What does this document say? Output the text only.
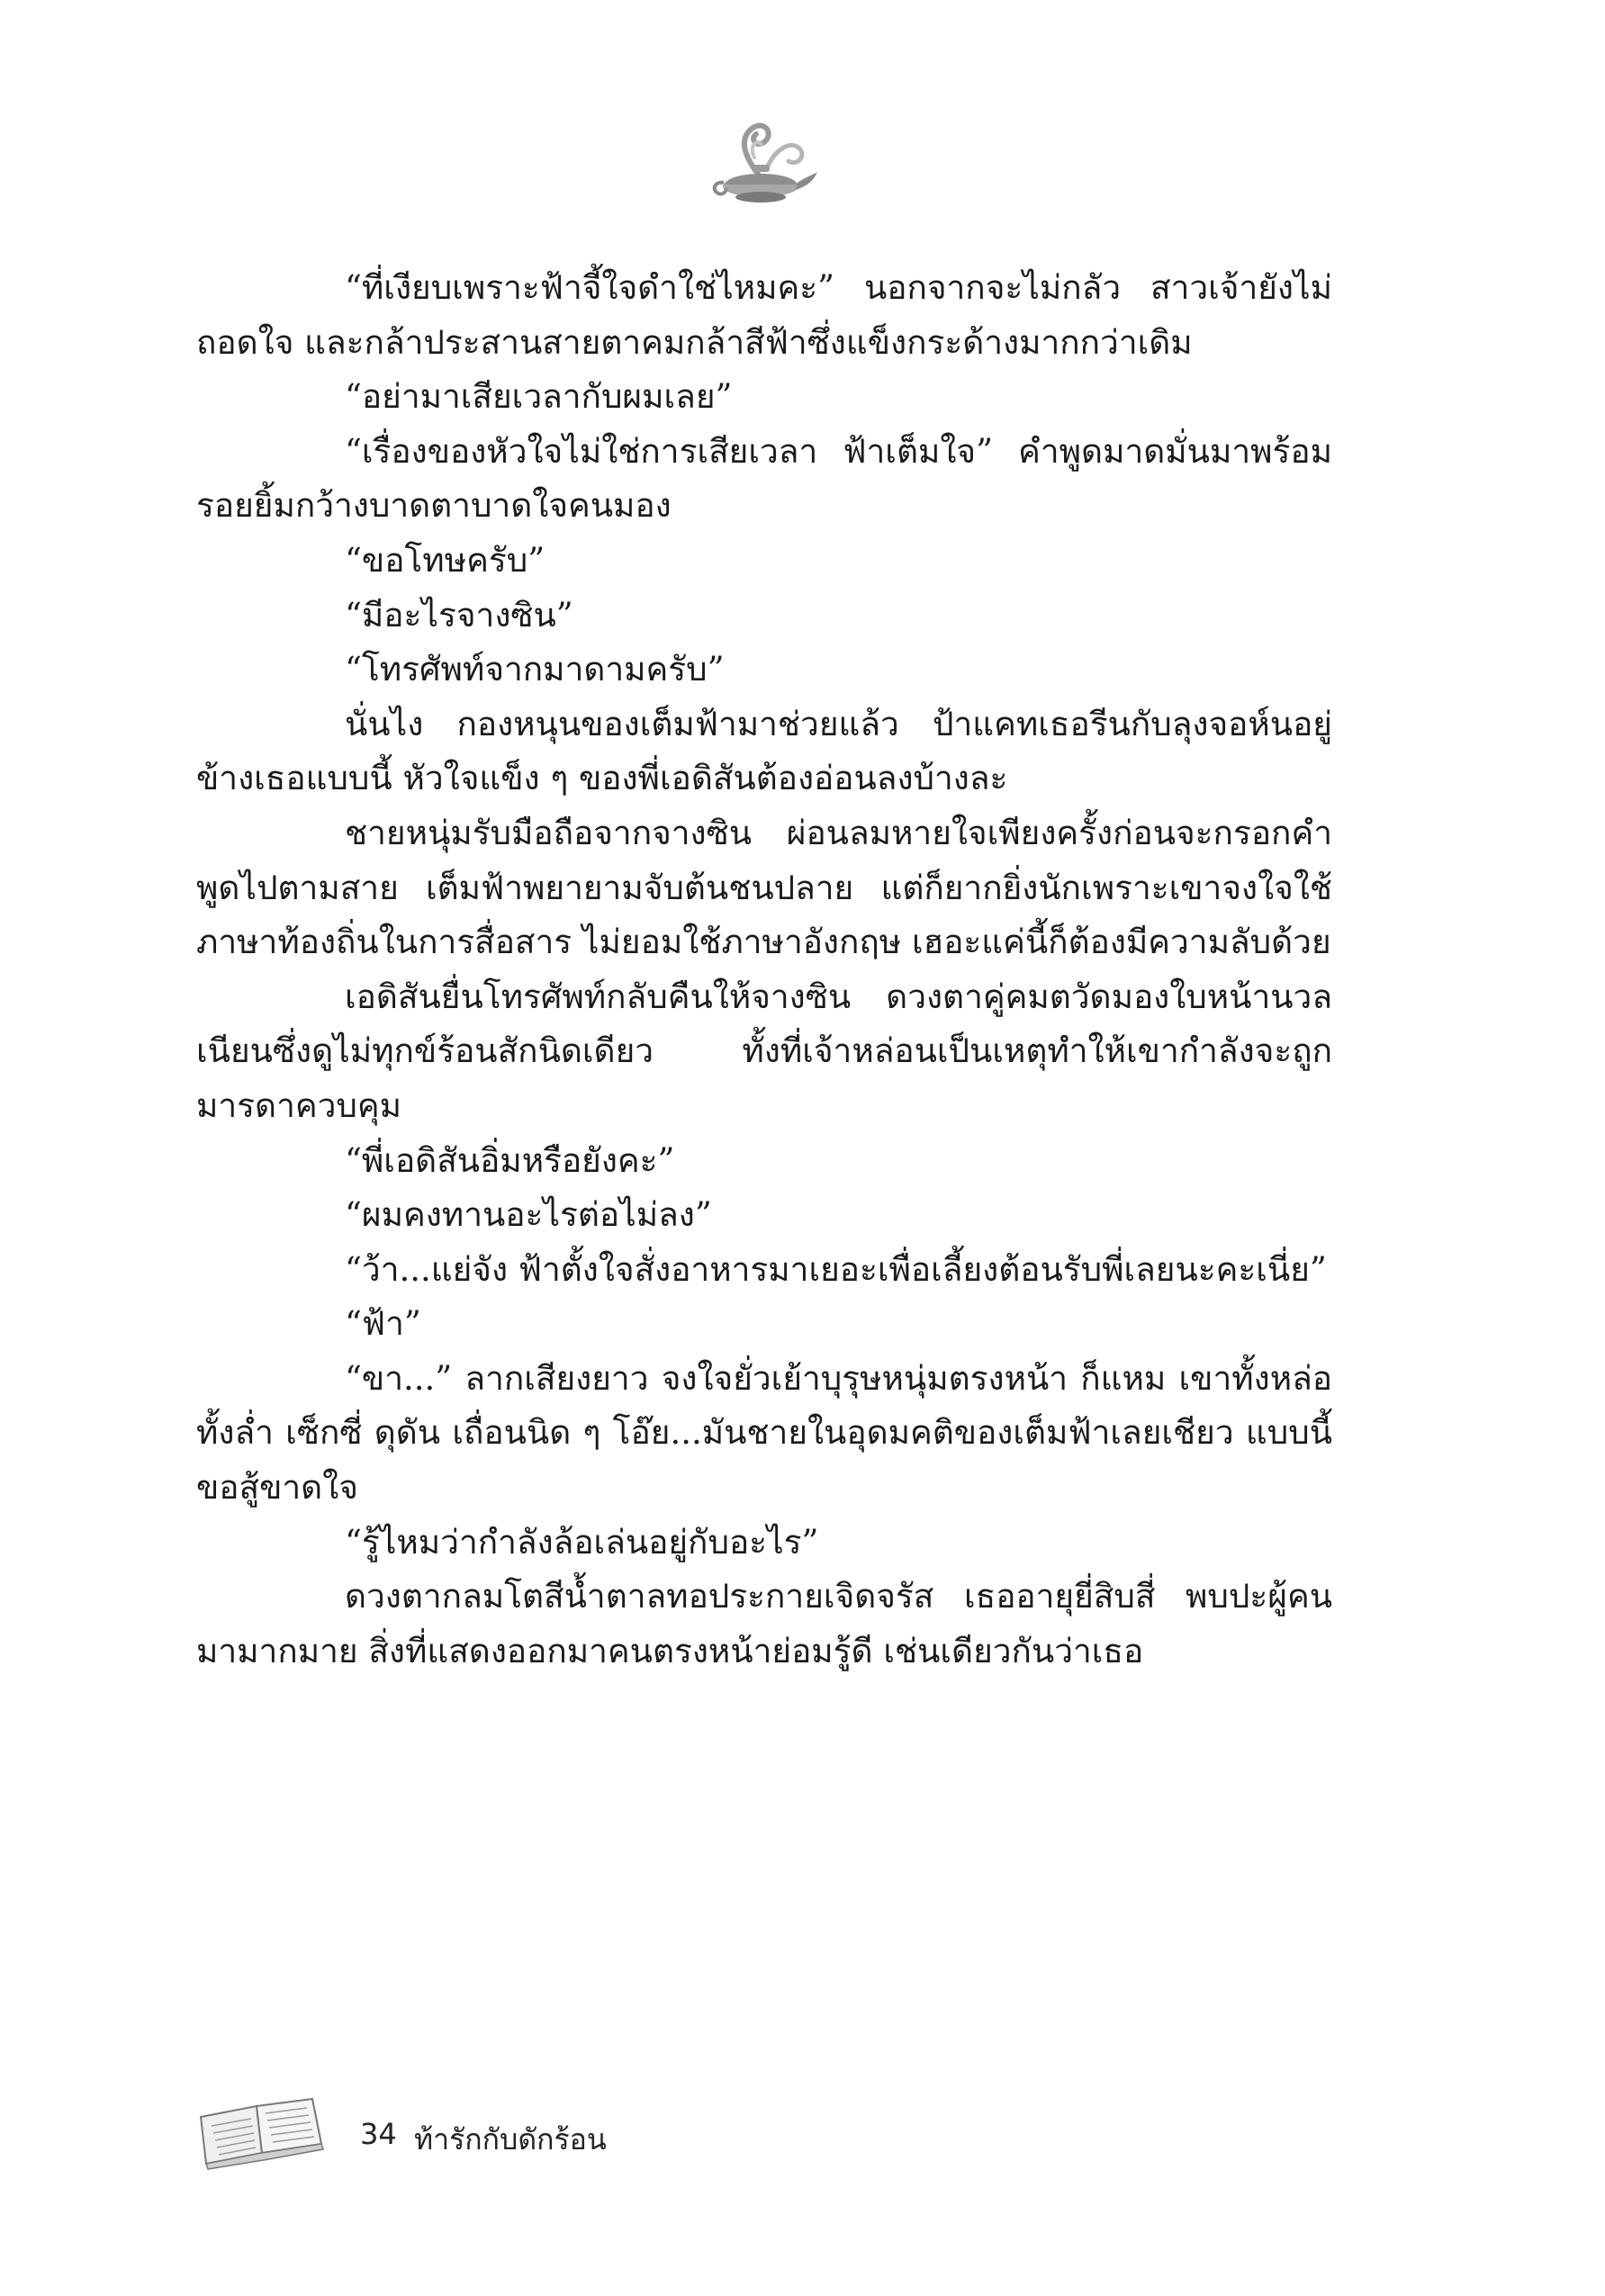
“ที่เงียบเพราะฟ้าจี้ใจดำใช่ไหมคะ” นอกจากจะไม่กลัว สาวเจ้ายังไม่ถอดใจ และกล้าประสานสายตาคมกล้าสีฟ้าซึ่งแข็งกระด้างมากกว่าเดิม

“อย่ามาเสียเวลากับผมเลย”

“เรื่องของหัวใจไม่ใช่การเสียเวลา ฟ้าเต็มใจ” คำพูดมาดมั่นมาพร้อมรอยยิ้มกว้างบาดตาบาดใจคนมอง

“ขอโทษครับ”

“มีอะไรจางซิน”

“โทรศัพท์จากมาดามครับ”

นั่นไง กองหนุนของเต็มฟ้ามาช่วยแล้ว ป้าแคทเธอรีนกับลุงจอห์นอยู่ข้างเธอแบบนี้ หัวใจแข็ง ๆ ของพี่เอดิสันต้องอ่อนลงบ้างละ

ชายหนุ่มรับมือถือจากจางซิน ผ่อนลมหายใจเพียงครั้งก่อนจะกรอกคำพูดไปตามสาย เต็มฟ้าพยายามจับต้นชนปลาย แต่ก็ยากยิ่งนักเพราะเขาจงใจใช้ภาษาท้องถิ่นในการสื่อสาร ไม่ยอมใช้ภาษาอังกฤษ เฮอะแค่นี้ก็ต้องมีความลับด้วย

เอดิสันยื่นโทรศัพท์กลับคืนให้จางซิน ดวงตาคู่คมตวัดมองใบหน้านวลเนียนซึ่งดูไม่ทุกข์ร้อนสักนิดเดียว ทั้งที่เจ้าหล่อนเป็นเหตุทำให้เขากำลังจะถูกมารดาควบคุม

“พี่เอดิสันอิ่มหรือยังคะ”

“ผมคงทานอะไรต่อไม่ลง”

“ว้า...แย่จัง ฟ้าตั้งใจสั่งอาหารมาเยอะเพื่อเลี้ยงต้อนรับพี่เลยนะคะเนี่ย”

“ฟ้า”

“ขา...” ลากเสียงยาว จงใจยั่วเย้าบุรุษหนุ่มตรงหน้า ก็แหม เขาทั้งหล่อ ทั้งล่ำ เซ็กซี่ ดุดัน เถื่อนนิด ๆ โอ๊ย...มันชายในอุดมคติของเต็มฟ้าเลยเชียว แบบนี้ขอสู้ขาดใจ

“รู้ไหมว่ากำลังล้อเล่นอยู่กับอะไร”

ดวงตากลมโตสีน้ำตาลทอประกายเจิดจรัส เธออายุยี่สิบสี่ พบปะผู้คนมามากมาย สิ่งที่แสดงออกมาคนตรงหน้าย่อมรู้ดี เช่นเดียวกันว่าเธอ

34 ท้ารักกับดักร้อน
